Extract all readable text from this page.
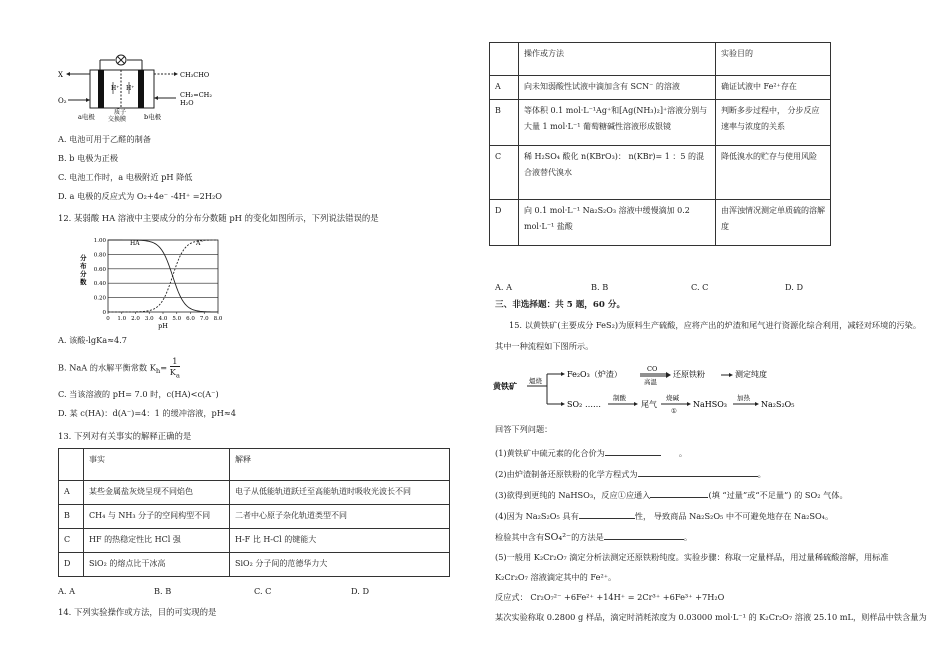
H⁺ H⁺
X
O₂
CH₃CHO
CH₂=CH₂
H₂O
质子
交换膜
a电极	b电极
A. 电池可用于乙醛的制备
B. b 电极为正极
C. 电池工作时，a 电极附近 pH 降低
D. a 电极的反应式为 O₂+4e⁻ -4H⁺ =2H₂O
12. 某弱酸 HA 溶液中主要成分的分布分数随 pH 的变化如图所示，下列说法错误的是
0
0.20
0.40
0.60
0.80
1.00
0 1.0 2.0 3.0 4.0 5.0 6.0 7.0 8.0
pH
分
布
分
数
HA	A⁻
A. 该酸-lgKa≈4.7
B. NaA 的水解平衡常数 $K_h= \frac{1}{K_a}$
C. 当该溶液的 pH= 7.0 时，c(HA)<c(A⁻)
D. 某 c(HA)：d(A⁻)=4：1 的缓冲溶液，pH≈4
13. 下列对有关事实的解释正确的是
	事实	解释
A	某些金属盐灰烧呈现不同焰色	电子从低能轨道跃迁至高能轨道时吸收光波长不同
B	CH₄ 与 NH₃ 分子的空间构型不同	二者中心原子杂化轨道类型不同
C	HF 的热稳定性比 HCl 强	H-F 比 H-Cl 的键能大
D	SiO₂ 的熔点比干冰高	SiO₂ 分子间的范德华力大
A. A	B. B	C. C	D. D
14. 下列实验操作或方法，目的可实现的是
	操作或方法	实验目的
A	向未知弱酸性试液中滴加含有 SCN⁻ 的溶液	确证试液中 Fe²⁺存在
B	等体积 0.1 mol·L⁻¹Ag⁺和[Ag(NH₃)₂]⁺溶液分别与大量 1 mol·L⁻¹ 葡萄糖碱性溶液形成银镜	判断多步过程中， 分步反应速率与浓度的关系
C	稀 H₂SO₄ 酸化 n(KBrO₃)： n(KBr)= 1 ：5 的混合液替代溴水	降低溴水的贮存与使用风险
D	向 0.1 mol·L⁻¹ Na₂S₂O₃ 溶液中缓慢滴加 0.2 mol·L⁻¹ 盐酸	由浑浊情况测定单质硫的溶解度
A. A	B. B	C. C	D. D
三、非选择题：共 5 题，60 分。
15. 以黄铁矿(主要成分 FeS₂)为原料生产硫酸，应将产出的炉渣和尾气进行资源化综合利用，减轻对环境的污染。
其中一种流程如下图所示。
黄铁矿 熅烧
Fe₂O₃（炉渣）
CO
高温
还原铁粉	测定纯度
SO₂ ……
制酸
尾气
烧碱
①
NaHSO₃
加热
Na₂S₂O₅
回答下列问题：
(1)黄铁矿中硫元素的化合价为	。
(2)由炉渣制备还原铁粉的化学方程式为	。
(3)欲得到更纯的 NaHSO₃，反应①应通入	(填 “过量”或“不足量”) 的 SO₂ 气体。
(4)因为 Na₂S₂O₅ 具有	性， 导致商品 Na₂S₂O₅ 中不可避免地存在 Na₂SO₄。
检验其中含有SO₄²⁻的方法是	。
(5)一般用 K₂Cr₂O₇ 滴定分析法测定还原铁粉纯度。实验步骤：称取一定量样品，用过量稀硫酸溶解，用标准
K₂Cr₂O₇ 溶液滴定其中的 Fe²⁺。
反应式： Cr₂O₇²⁻ +6Fe²⁺ +14H⁺ = 2Cr³⁺ +6Fe³⁺ +7H₂O
某次实验称取 0.2800 g 样品，滴定时消耗浓度为 0.03000 mol·L⁻¹ 的 K₂Cr₂O₇ 溶液 25.10 mL，则样品中铁含量为
